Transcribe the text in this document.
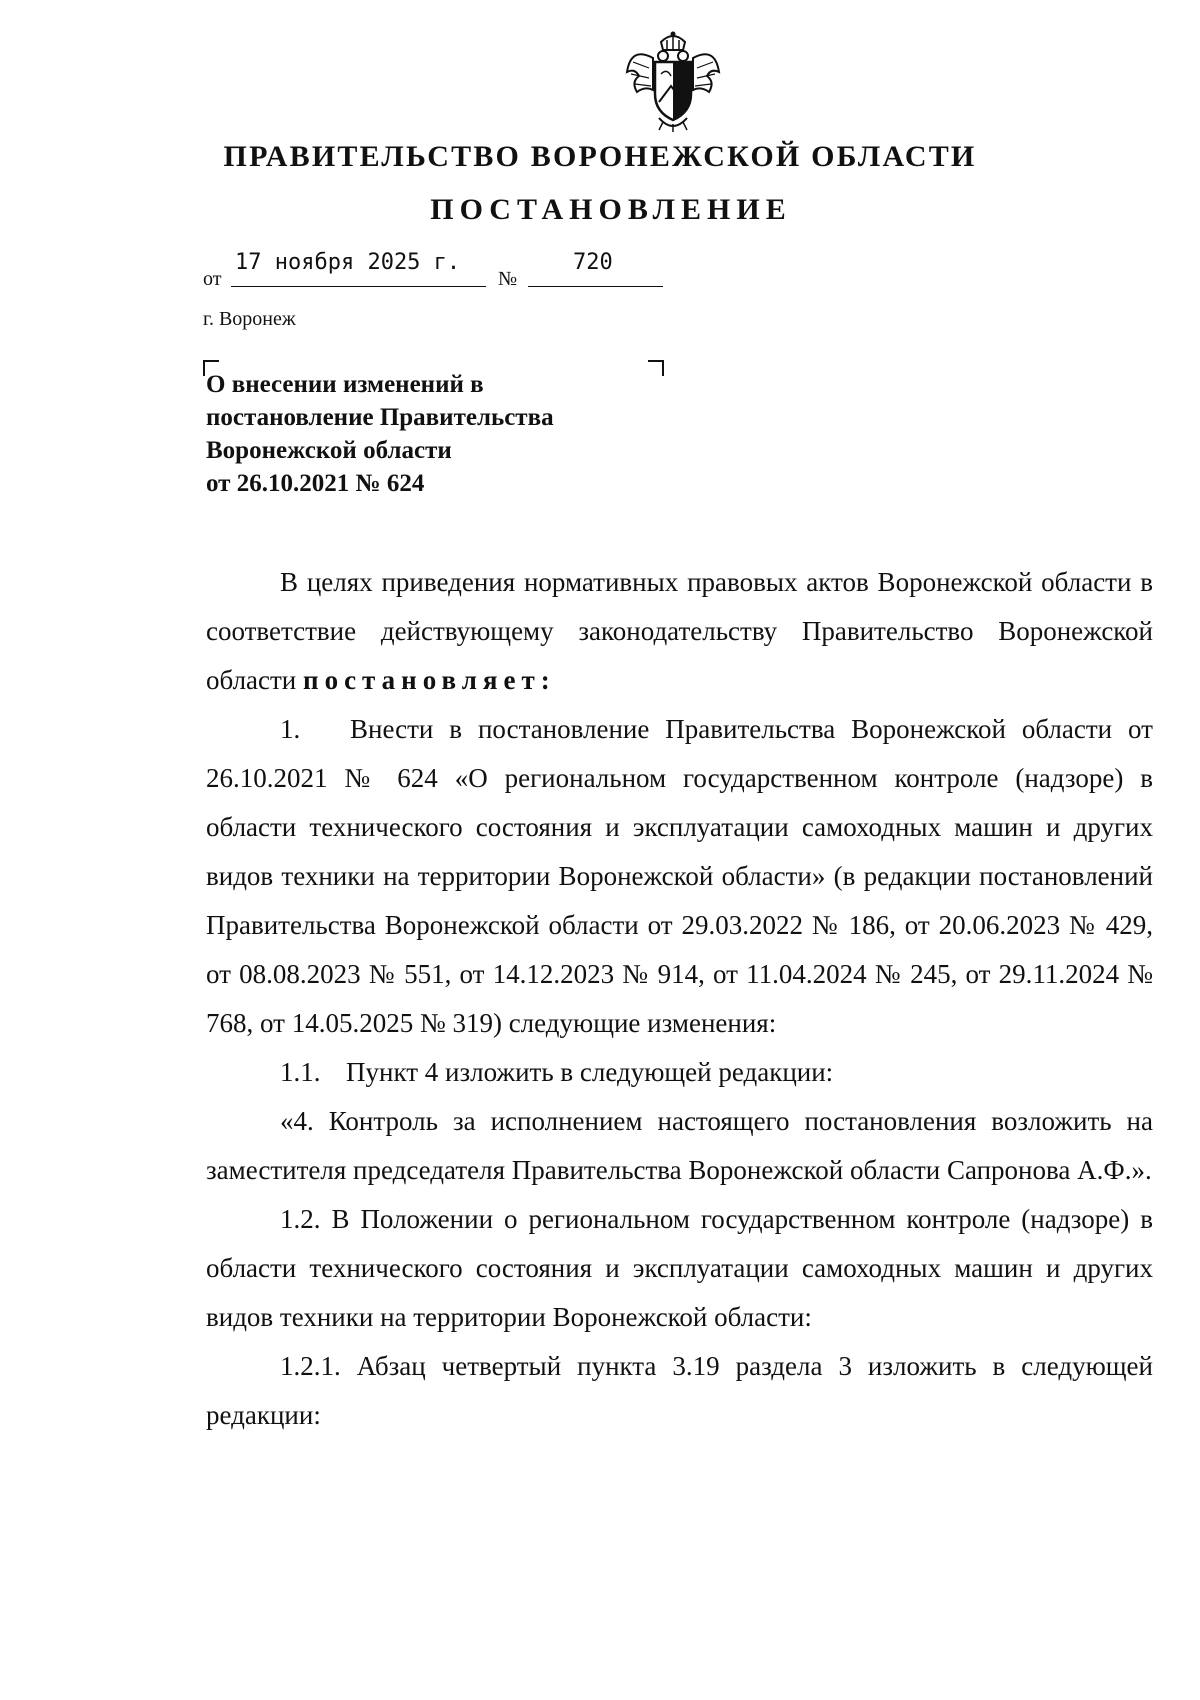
ПРАВИТЕЛЬСТВО ВОРОНЕЖСКОЙ ОБЛАСТИ
ПОСТАНОВЛЕНИЕ
от
17 ноября 2025 г.
№
720
г. Воронеж
О внесении изменений в
постановление Правительства
Воронежской области
от 26.10.2021 № 624

В целях приведения нормативных правовых актов Воронежской области в соответствие действующему законодательству Правительство Воронежской области постановляет:

1. Внести в постановление Правительства Воронежской области от 26.10.2021 № 624 «О региональном государственном контроле (надзоре) в области технического состояния и эксплуатации самоходных машин и других видов техники на территории Воронежской области» (в редакции постановлений Правительства Воронежской области от 29.03.2022 № 186, от 20.06.2023 № 429, от 08.08.2023 № 551, от 14.12.2023 № 914, от 11.04.2024 № 245, от 29.11.2024 № 768, от 14.05.2025 № 319) следующие изменения:

1.1. Пункт 4 изложить в следующей редакции:

«4. Контроль за исполнением настоящего постановления возложить на заместителя председателя Правительства Воронежской области Сапронова А.Ф.».

1.2. В Положении о региональном государственном контроле (надзоре) в области технического состояния и эксплуатации самоходных машин и других видов техники на территории Воронежской области:

1.2.1. Абзац четвертый пункта 3.19 раздела 3 изложить в следующей редакции:
